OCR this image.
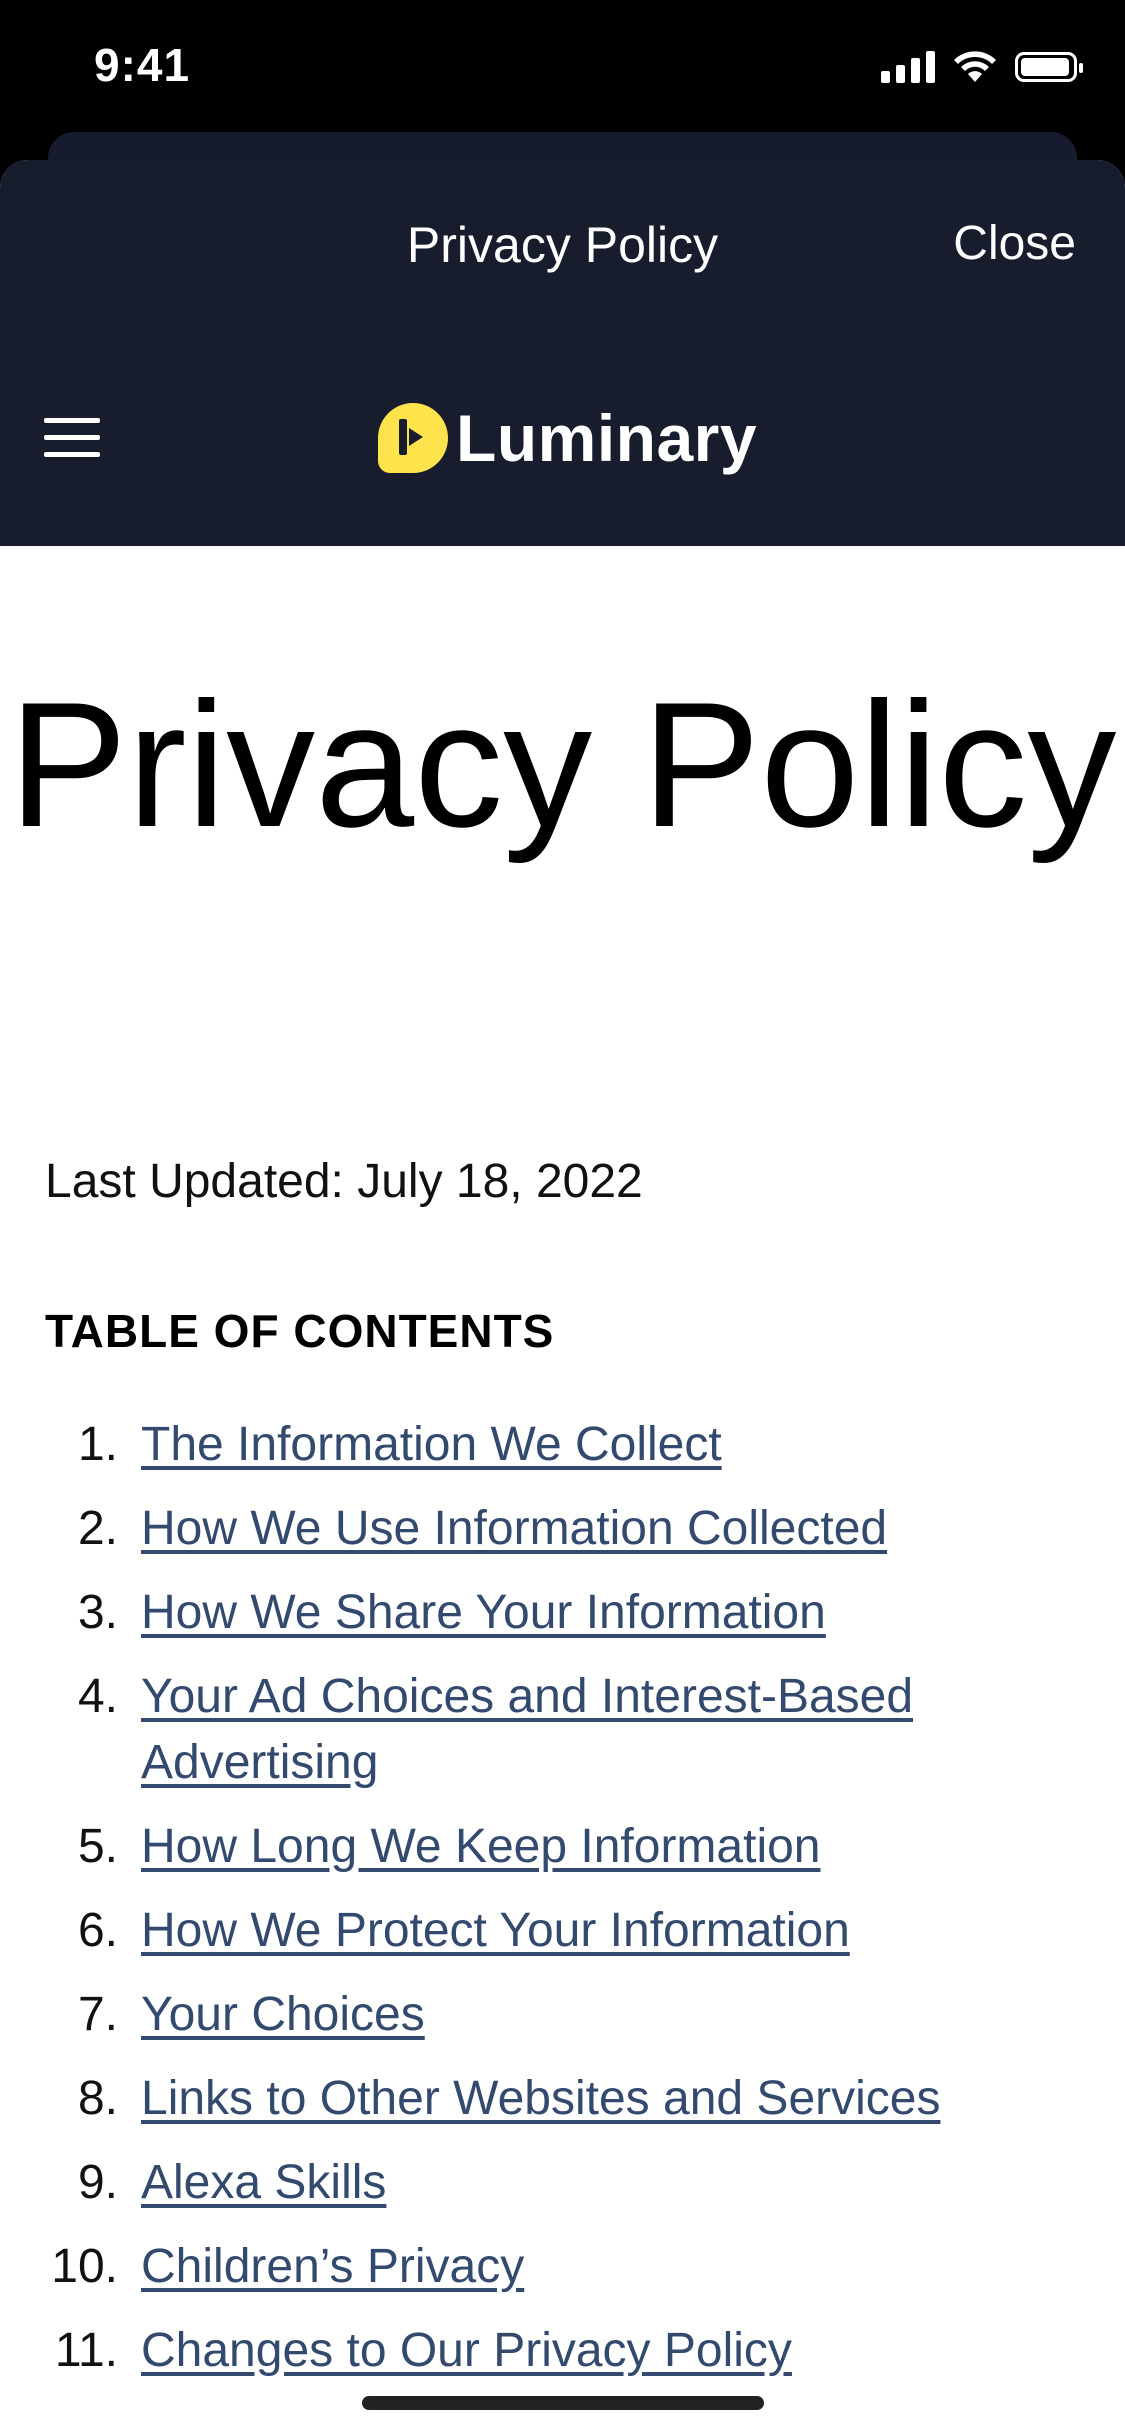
9:41
Privacy Policy	Close
Luminary
Privacy Policy
Last Updated: July 18, 2022
TABLE OF CONTENTS
1. The Information We Collect
2. How We Use Information Collected
3. How We Share Your Information
4. Your Ad Choices and Interest-Based Advertising
5. How Long We Keep Information
6. How We Protect Your Information
7. Your Choices
8. Links to Other Websites and Services
9. Alexa Skills
10. Children’s Privacy
11. Changes to Our Privacy Policy
